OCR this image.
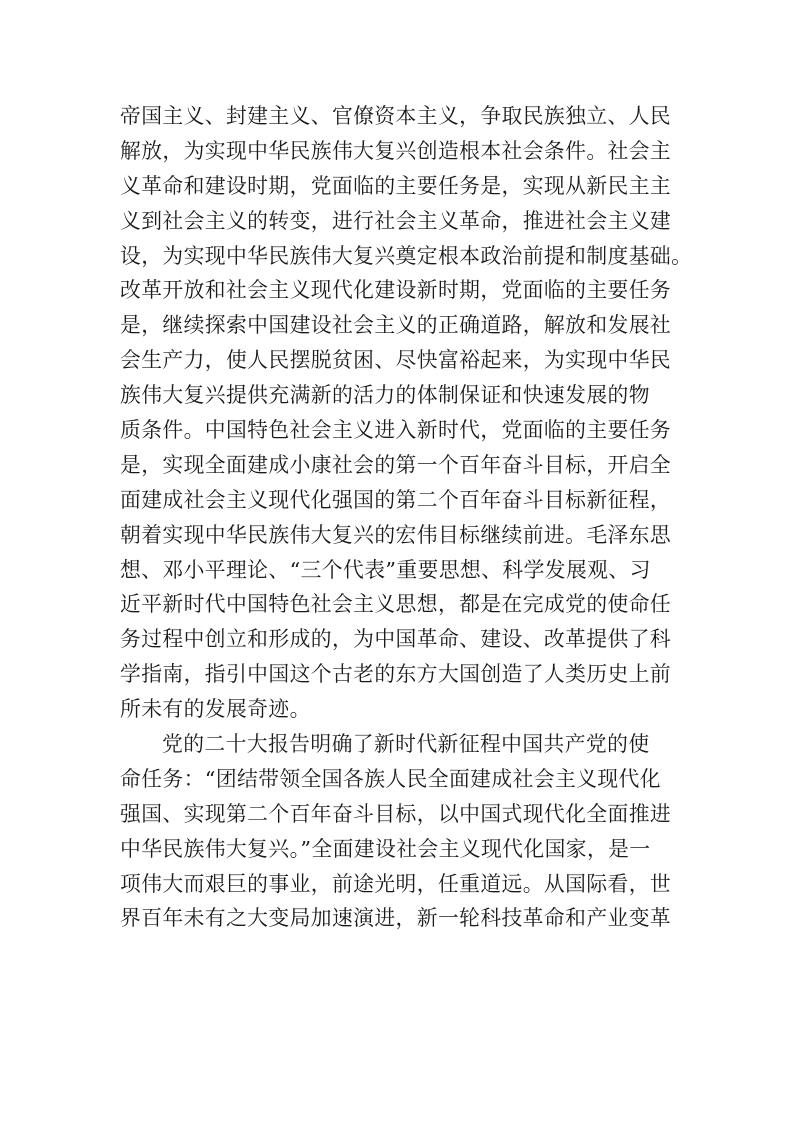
帝国主义、封建主义、官僚资本主义，争取民族独立、人民
解放，为实现中华民族伟大复兴创造根本社会条件。社会主
义革命和建设时期，党面临的主要任务是，实现从新民主主
义到社会主义的转变，进行社会主义革命，推进社会主义建
设，为实现中华民族伟大复兴奠定根本政治前提和制度基础。
改革开放和社会主义现代化建设新时期，党面临的主要任务
是，继续探索中国建设社会主义的正确道路，解放和发展社
会生产力，使人民摆脱贫困、尽快富裕起来，为实现中华民
族伟大复兴提供充满新的活力的体制保证和快速发展的物
质条件。中国特色社会主义进入新时代，党面临的主要任务
是，实现全面建成小康社会的第一个百年奋斗目标，开启全
面建成社会主义现代化强国的第二个百年奋斗目标新征程，
朝着实现中华民族伟大复兴的宏伟目标继续前进。毛泽东思
想、邓小平理论、“三个代表”重要思想、科学发展观、习
近平新时代中国特色社会主义思想，都是在完成党的使命任
务过程中创立和形成的，为中国革命、建设、改革提供了科
学指南，指引中国这个古老的东方大国创造了人类历史上前
所未有的发展奇迹。
党的二十大报告明确了新时代新征程中国共产党的使
命任务：“团结带领全国各族人民全面建成社会主义现代化
强国、实现第二个百年奋斗目标，以中国式现代化全面推进
中华民族伟大复兴。”全面建设社会主义现代化国家，是一
项伟大而艰巨的事业，前途光明，任重道远。从国际看，世
界百年未有之大变局加速演进，新一轮科技革命和产业变革
